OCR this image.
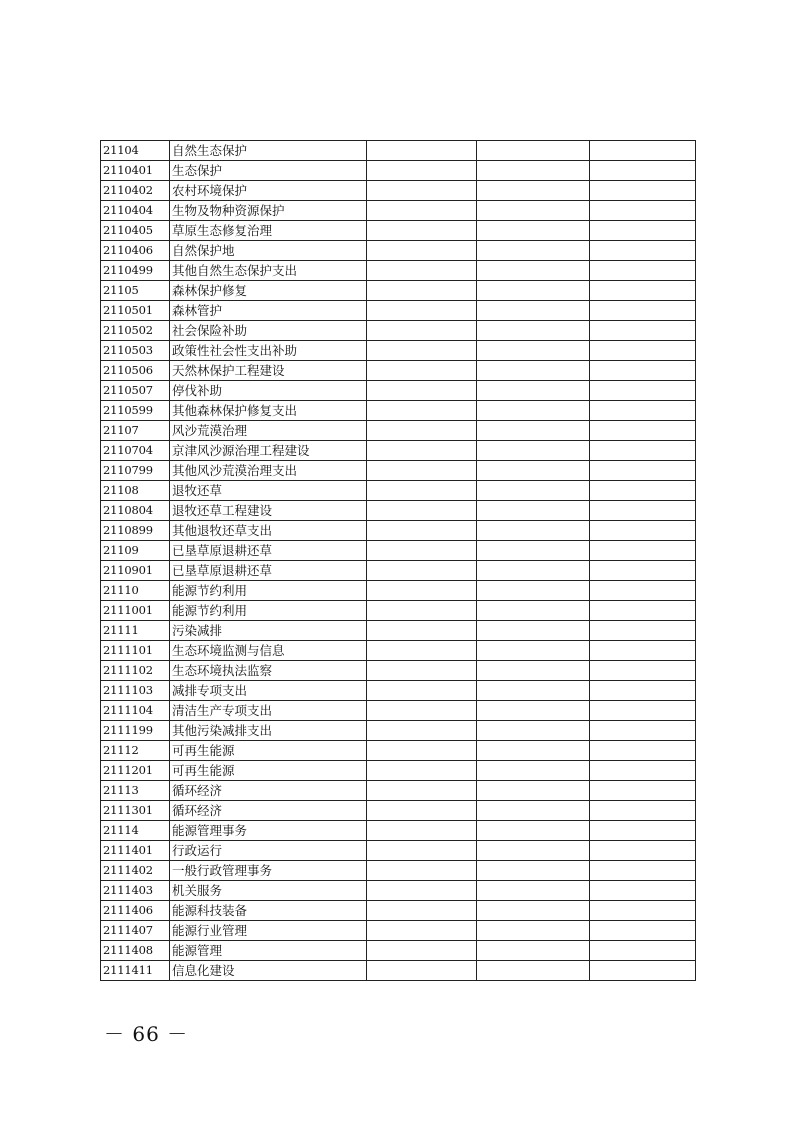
21104	自然生态保护			
2110401	生态保护			
2110402	农村环境保护			
2110404	生物及物种资源保护			
2110405	草原生态修复治理			
2110406	自然保护地			
2110499	其他自然生态保护支出			
21105	森林保护修复			
2110501	森林管护			
2110502	社会保险补助			
2110503	政策性社会性支出补助			
2110506	天然林保护工程建设			
2110507	停伐补助			
2110599	其他森林保护修复支出			
21107	风沙荒漠治理			
2110704	京津风沙源治理工程建设			
2110799	其他风沙荒漠治理支出			
21108	退牧还草			
2110804	退牧还草工程建设			
2110899	其他退牧还草支出			
21109	已垦草原退耕还草			
2110901	已垦草原退耕还草			
21110	能源节约利用			
2111001	能源节约利用			
21111	污染减排			
2111101	生态环境监测与信息			
2111102	生态环境执法监察			
2111103	减排专项支出			
2111104	清洁生产专项支出			
2111199	其他污染减排支出			
21112	可再生能源			
2111201	可再生能源			
21113	循环经济			
2111301	循环经济			
21114	能源管理事务			
2111401	行政运行			
2111402	一般行政管理事务			
2111403	机关服务			
2111406	能源科技装备			
2111407	能源行业管理			
2111408	能源管理			
2111411	信息化建设			
－ 66 －
